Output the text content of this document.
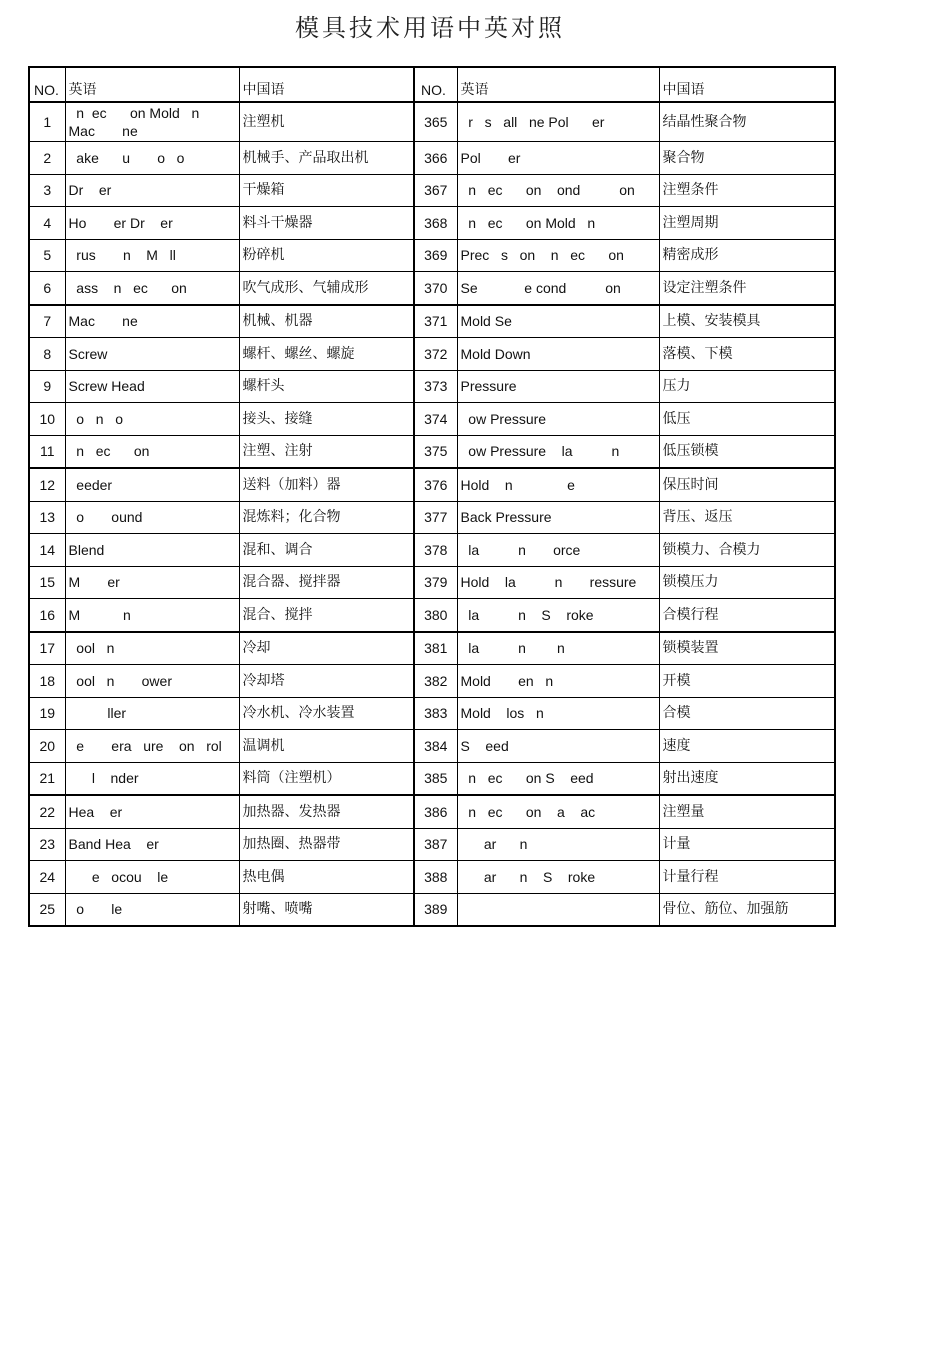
模具技术用语中英对照
NO.	英语	中国语	NO.	英语	中国语
1	n  ec      on Mold   n
Mac       ne	注塑机	365	r   s   all   ne Pol      er	结晶性聚合物
2	ake      u       o   o	机械手、产品取出机	366	Pol       er	聚合物
3	Dr    er	干燥箱	367	n   ec      on    ond          on	注塑条件
4	Ho       er Dr    er	料斗干燥器	368	n   ec      on Mold   n	注塑周期
5	rus       n    M   ll	粉碎机	369	Prec   s   on    n   ec      on	精密成形
6	ass    n   ec      on	吹气成形、气辅成形	370	Se            e cond          on	设定注塑条件
7	Mac       ne	机械、机器	371	Mold Se	上模、安装模具
8	Screw	螺杆、螺丝、螺旋	372	Mold Down	落模、下模
9	Screw Head	螺杆头	373	Pressure	压力
10	o   n   o	接头、接缝	374	ow Pressure	低压
11	n   ec      on	注塑、注射	375	ow Pressure    la          n	低压锁模
12	eeder	送料（加料）器	376	Hold    n              e	保压时间
13	o       ound	混炼料；化合物	377	Back Pressure	背压、返压
14	Blend	混和、调合	378	la          n       orce	锁模力、合模力
15	M       er	混合器、搅拌器	379	Hold    la          n       ressure	锁模压力
16	M           n	混合、搅拌	380	la          n    S    roke	合模行程
17	ool   n	冷却	381	la          n        n	锁模装置
18	ool   n       ower	冷却塔	382	Mold       en   n	开模
19	ller	冷水机、冷水装置	383	Mold    los   n	合模
20	e       era   ure    on   rol	温调机	384	S    eed	速度
21	l    nder	料筒（注塑机）	385	n   ec      on S    eed	射出速度
22	Hea    er	加热器、发热器	386	n   ec      on    a    ac	注塑量
23	Band Hea    er	加热圈、热器带	387	ar      n	计量
24	e   ocou    le	热电偶	388	ar      n    S    roke	计量行程
25	o       le	射嘴、喷嘴	389		骨位、筋位、加强筋
